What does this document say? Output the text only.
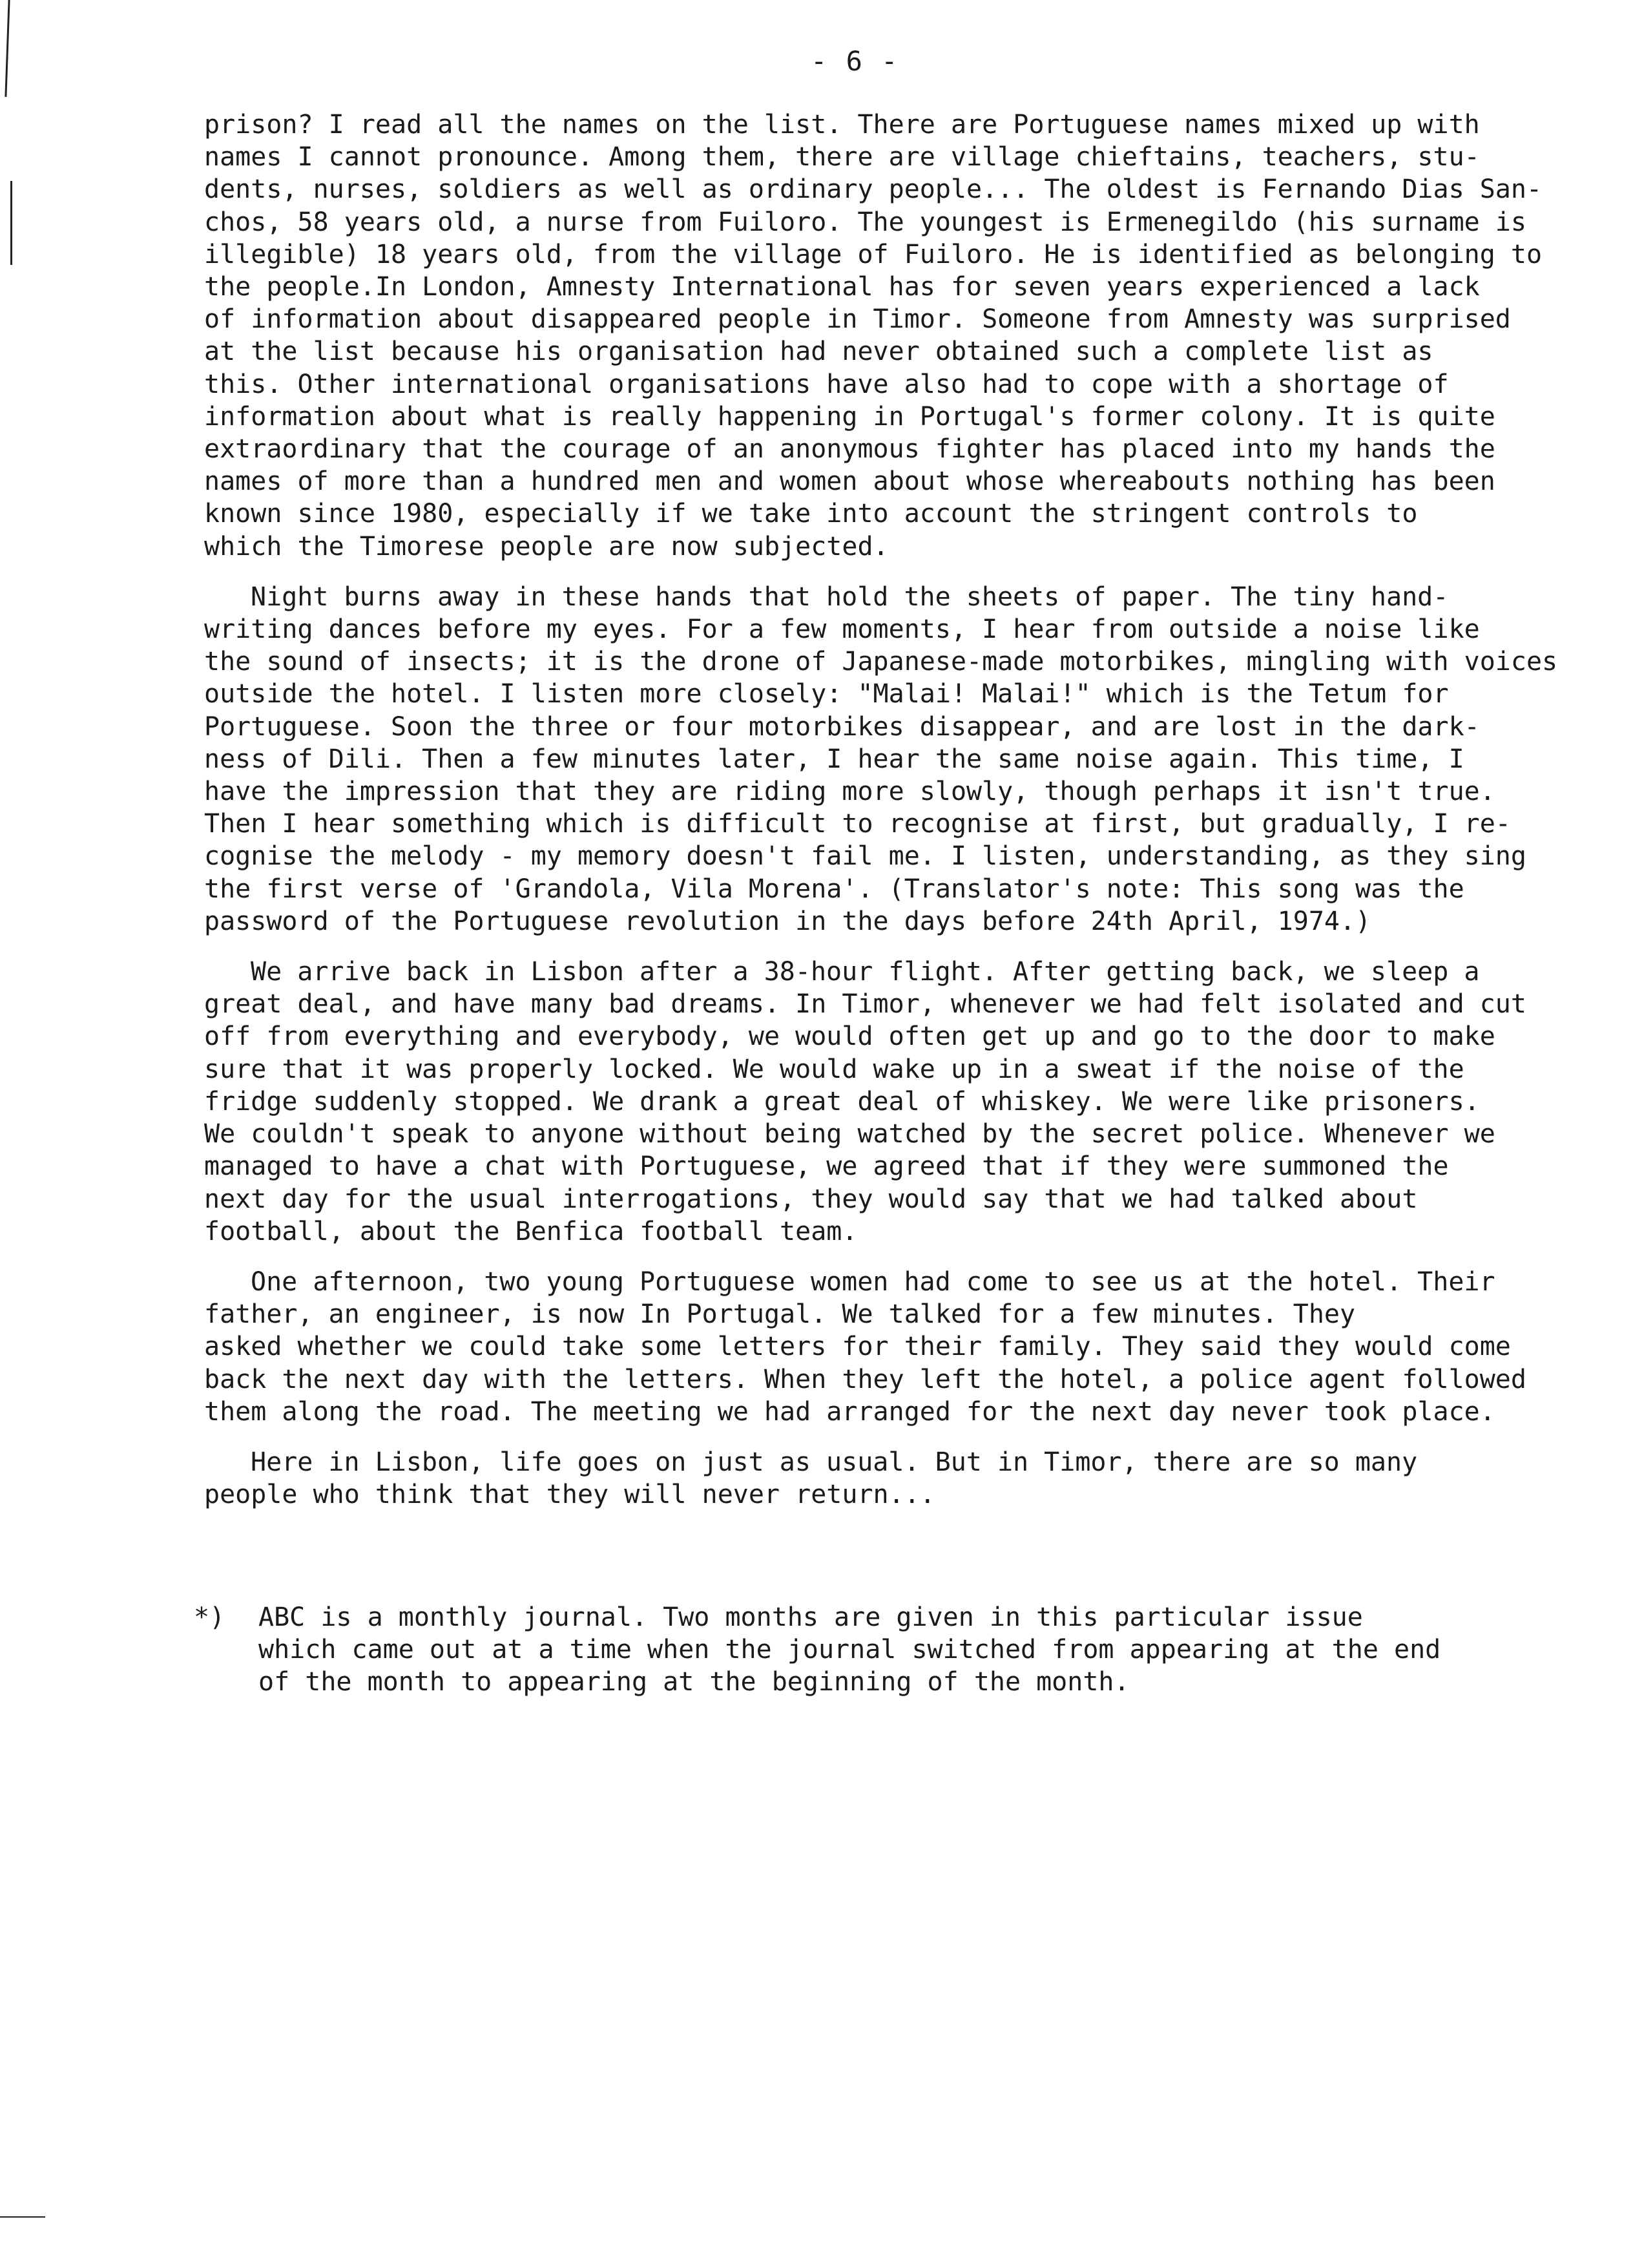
- 6 -

prison? I read all the names on the list. There are Portuguese names mixed up with
names I cannot pronounce. Among them, there are village chieftains, teachers, stu-
dents, nurses, soldiers as well as ordinary people... The oldest is Fernando Dias San-
chos, 58 years old, a nurse from Fuiloro. The youngest is Ermenegildo (his surname is
illegible) 18 years old, from the village of Fuiloro. He is identified as belonging to
the people.In London, Amnesty International has for seven years experienced a lack
of information about disappeared people in Timor. Someone from Amnesty was surprised
at the list because his organisation had never obtained such a complete list as
this. Other international organisations have also had to cope with a shortage of
information about what is really happening in Portugal's former colony. It is quite
extraordinary that the courage of an anonymous fighter has placed into my hands the
names of more than a hundred men and women about whose whereabouts nothing has been
known since 1980, especially if we take into account the stringent controls to
which the Timorese people are now subjected.

Night burns away in these hands that hold the sheets of paper. The tiny hand-
writing dances before my eyes. For a few moments, I hear from outside a noise like
the sound of insects; it is the drone of Japanese-made motorbikes, mingling with voices
outside the hotel. I listen more closely: "Malai! Malai!" which is the Tetum for
Portuguese. Soon the three or four motorbikes disappear, and are lost in the dark-
ness of Dili. Then a few minutes later, I hear the same noise again. This time, I
have the impression that they are riding more slowly, though perhaps it isn't true.
Then I hear something which is difficult to recognise at first, but gradually, I re-
cognise the melody - my memory doesn't fail me. I listen, understanding, as they sing
the first verse of 'Grandola, Vila Morena'. (Translator's note: This song was the
password of the Portuguese revolution in the days before 24th April, 1974.)

We arrive back in Lisbon after a 38-hour flight. After getting back, we sleep a
great deal, and have many bad dreams. In Timor, whenever we had felt isolated and cut
off from everything and everybody, we would often get up and go to the door to make
sure that it was properly locked. We would wake up in a sweat if the noise of the
fridge suddenly stopped. We drank a great deal of whiskey. We were like prisoners.
We couldn't speak to anyone without being watched by the secret police. Whenever we
managed to have a chat with Portuguese, we agreed that if they were summoned the
next day for the usual interrogations, they would say that we had talked about
football, about the Benfica football team.

One afternoon, two young Portuguese women had come to see us at the hotel. Their
father, an engineer, is now In Portugal. We talked for a few minutes. They
asked whether we could take some letters for their family. They said they would come
back the next day with the letters. When they left the hotel, a police agent followed
them along the road. The meeting we had arranged for the next day never took place.

Here in Lisbon, life goes on just as usual. But in Timor, there are so many
people who think that they will never return...

*) ABC is a monthly journal. Two months are given in this particular issue
which came out at a time when the journal switched from appearing at the end
of the month to appearing at the beginning of the month.
